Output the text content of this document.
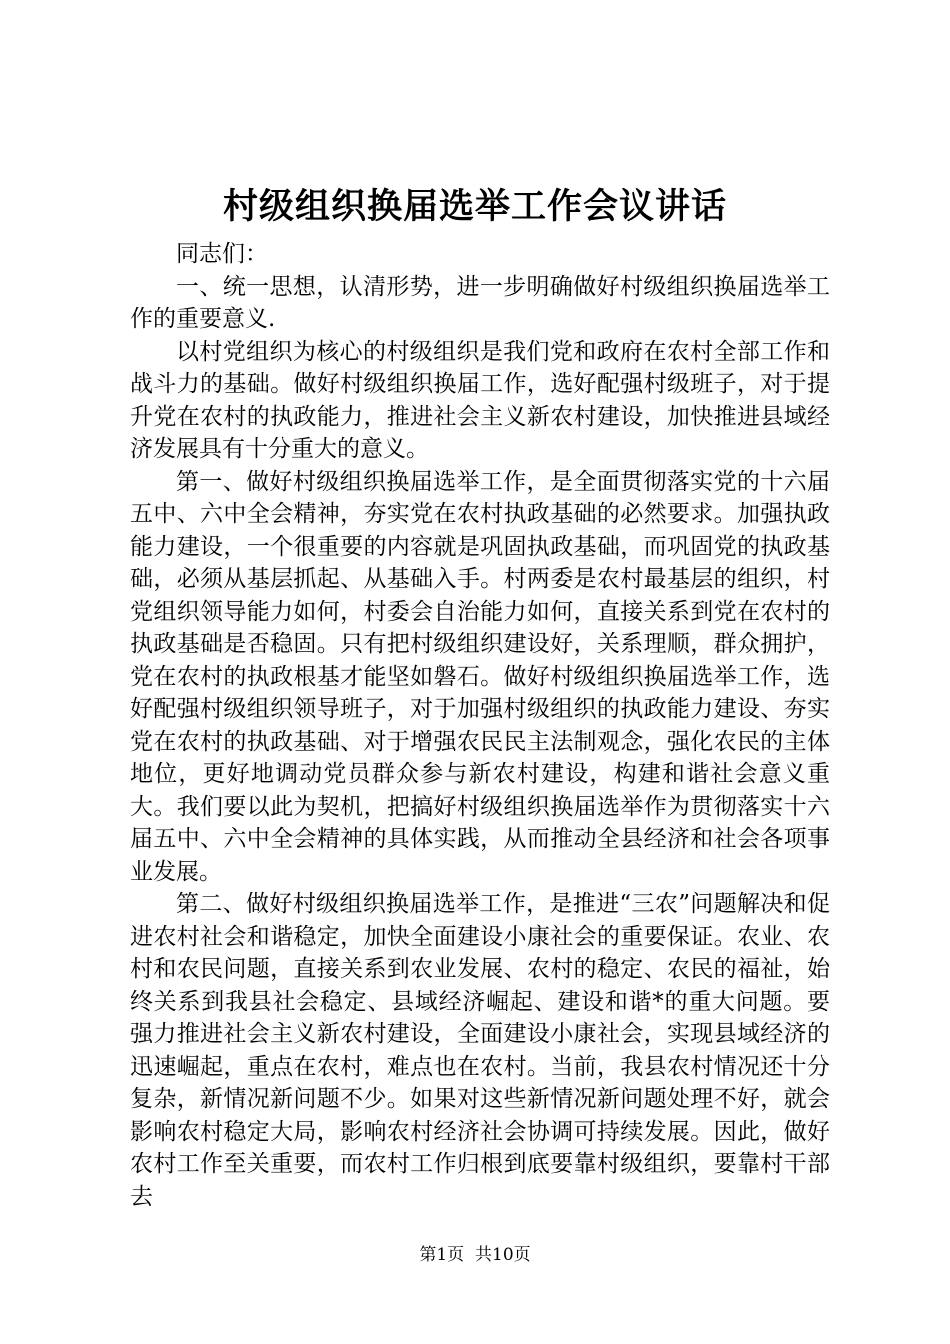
村级组织换届选举工作会议讲话

同志们：

一、统一思想，认清形势，进一步明确做好村级组织换届选举工作的重要意义.

以村党组织为核心的村级组织是我们党和政府在农村全部工作和战斗力的基础。做好村级组织换届工作，选好配强村级班子，对于提升党在农村的执政能力，推进社会主义新农村建设，加快推进县域经济发展具有十分重大的意义。

第一、做好村级组织换届选举工作，是全面贯彻落实党的十六届五中、六中全会精神，夯实党在农村执政基础的必然要求。加强执政能力建设，一个很重要的内容就是巩固执政基础，而巩固党的执政基础，必须从基层抓起、从基础入手。村两委是农村最基层的组织，村党组织领导能力如何，村委会自治能力如何，直接关系到党在农村的执政基础是否稳固。只有把村级组织建设好，关系理顺，群众拥护，党在农村的执政根基才能坚如磐石。做好村级组织换届选举工作，选好配强村级组织领导班子，对于加强村级组织的执政能力建设、夯实党在农村的执政基础、对于增强农民民主法制观念，强化农民的主体地位，更好地调动党员群众参与新农村建设，构建和谐社会意义重大。我们要以此为契机，把搞好村级组织换届选举作为贯彻落实十六届五中、六中全会精神的具体实践，从而推动全县经济和社会各项事业发展。

第二、做好村级组织换届选举工作，是推进“三农”问题解决和促进农村社会和谐稳定，加快全面建设小康社会的重要保证。农业、农村和农民问题，直接关系到农业发展、农村的稳定、农民的福祉，始终关系到我县社会稳定、县域经济崛起、建设和谐*的重大问题。要强力推进社会主义新农村建设，全面建设小康社会，实现县域经济的迅速崛起，重点在农村，难点也在农村。当前，我县农村情况还十分复杂，新情况新问题不少。如果对这些新情况新问题处理不好，就会影响农村稳定大局，影响农村经济社会协调可持续发展。因此，做好农村工作至关重要，而农村工作归根到底要靠村级组织，要靠村干部去

第1页 共10页
